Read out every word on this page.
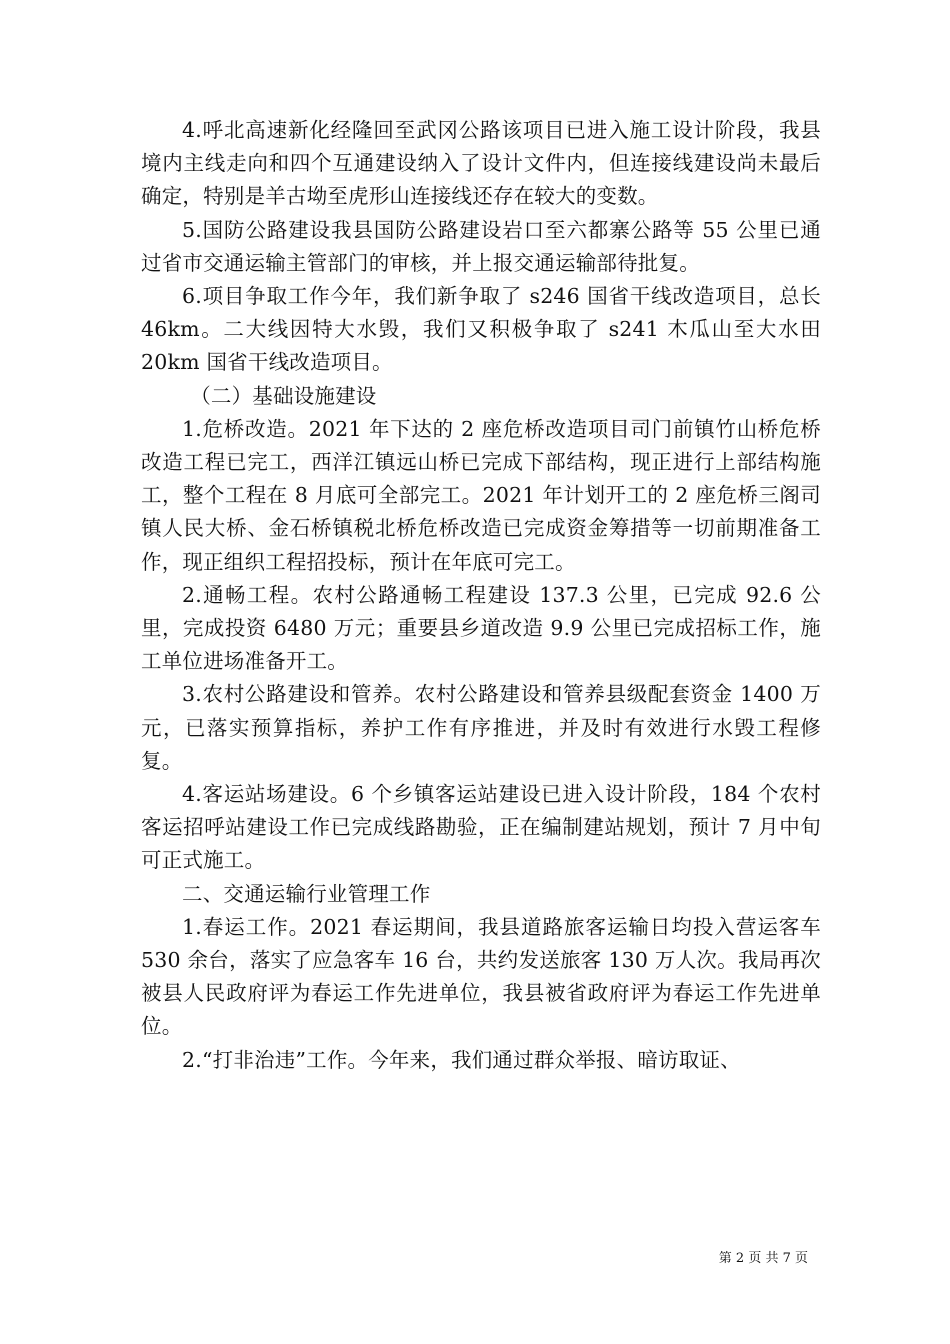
4.呼北高速新化经隆回至武冈公路该项目已进入施工设计阶段，我县境内主线走向和四个互通建设纳入了设计文件内，但连接线建设尚未最后确定，特别是羊古坳至虎形山连接线还存在较大的变数。

5.国防公路建设我县国防公路建设岩口至六都寨公路等 55 公里已通过省市交通运输主管部门的审核，并上报交通运输部待批复。

6.项目争取工作今年，我们新争取了 s246 国省干线改造项目，总长 46km。二大线因特大水毁，我们又积极争取了 s241 木瓜山至大水田 20km 国省干线改造项目。

（二）基础设施建设

1.危桥改造。2021 年下达的 2 座危桥改造项目司门前镇竹山桥危桥改造工程已完工，西洋江镇远山桥已完成下部结构，现正进行上部结构施工，整个工程在 8 月底可全部完工。2021 年计划开工的 2 座危桥三阁司镇人民大桥、金石桥镇税北桥危桥改造已完成资金筹措等一切前期准备工作，现正组织工程招投标，预计在年底可完工。

2.通畅工程。农村公路通畅工程建设 137.3 公里，已完成 92.6 公里，完成投资 6480 万元；重要县乡道改造 9.9 公里已完成招标工作，施工单位进场准备开工。

3.农村公路建设和管养。农村公路建设和管养县级配套资金 1400 万元，已落实预算指标，养护工作有序推进，并及时有效进行水毁工程修复。

4.客运站场建设。6 个乡镇客运站建设已进入设计阶段，184 个农村客运招呼站建设工作已完成线路勘验，正在编制建站规划，预计 7 月中旬可正式施工。

二、交通运输行业管理工作

1.春运工作。2021 春运期间，我县道路旅客运输日均投入营运客车 530 余台，落实了应急客车 16 台，共约发送旅客 130 万人次。我局再次被县人民政府评为春运工作先进单位，我县被省政府评为春运工作先进单位。

2.“打非治违”工作。今年来，我们通过群众举报、暗访取证、

第 2 页 共 7 页
